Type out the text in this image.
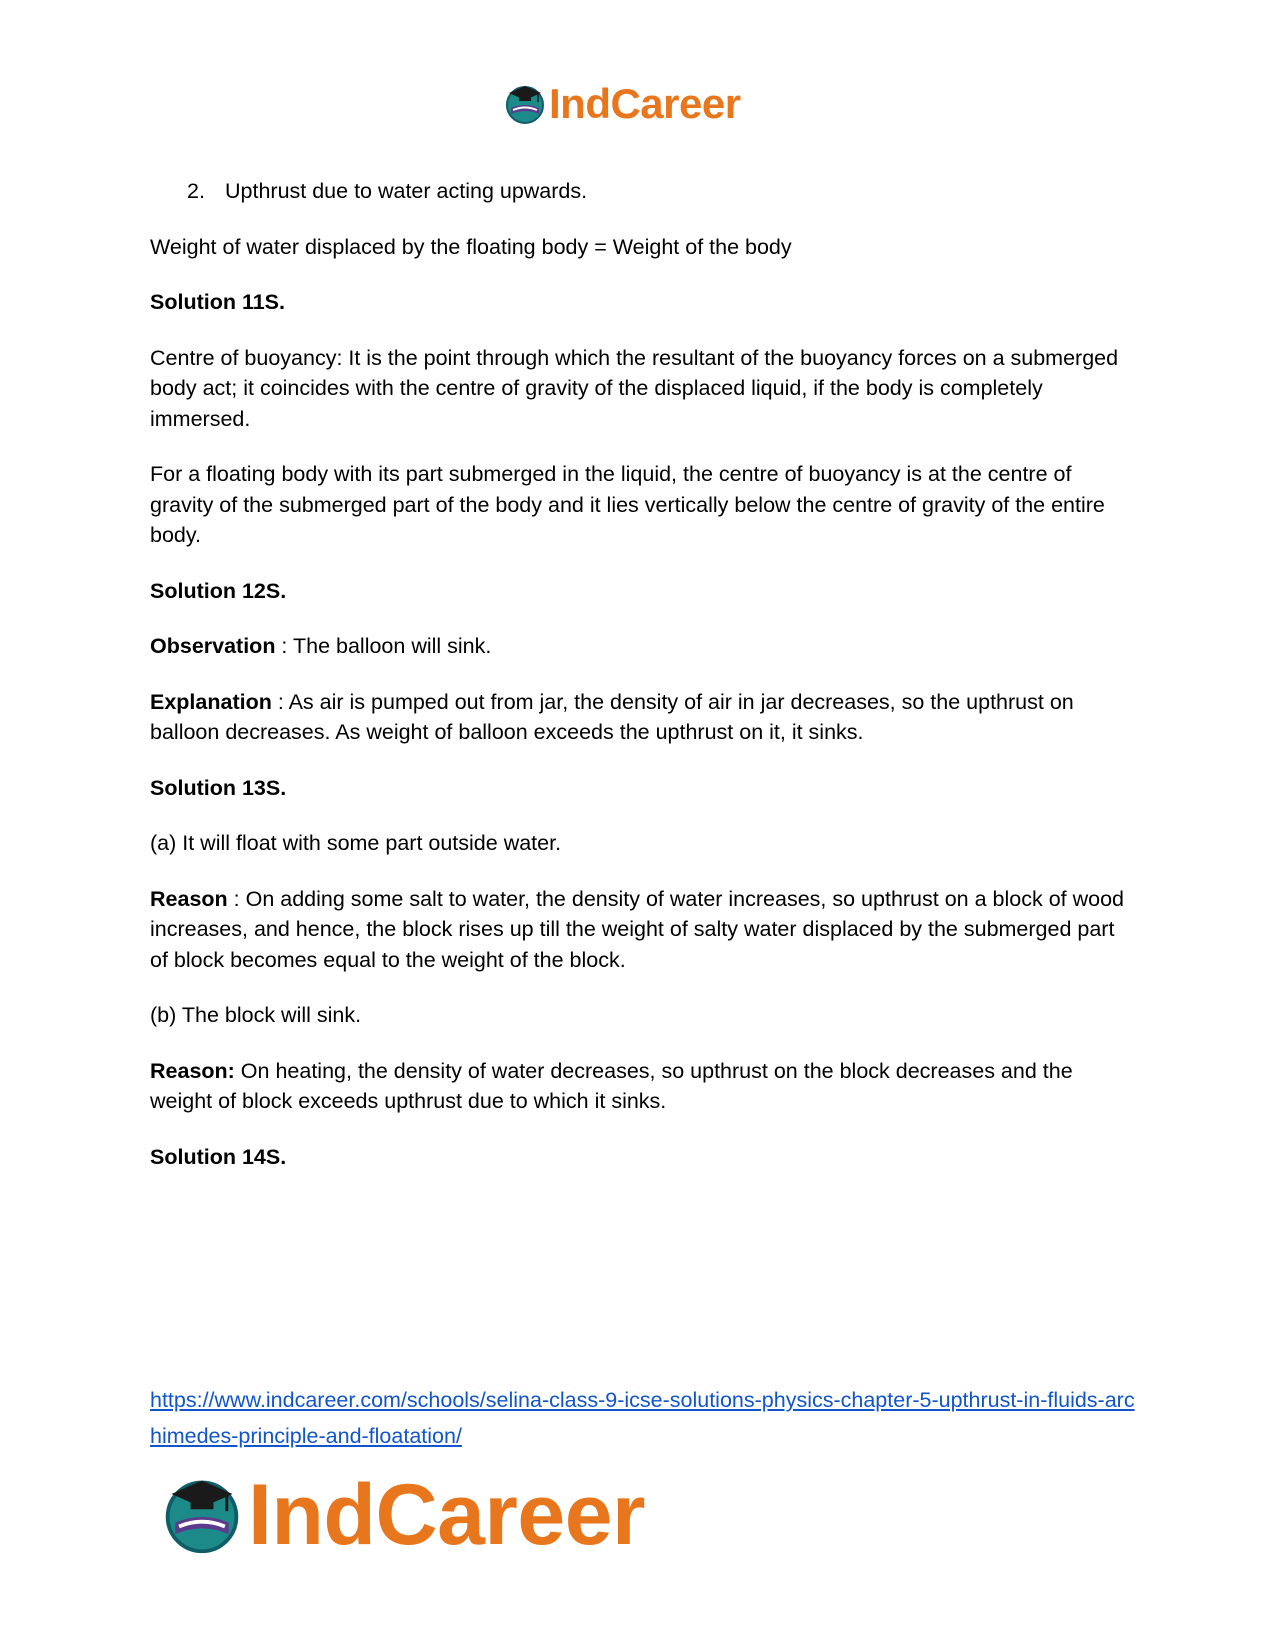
IndCareer

2. Upthrust due to water acting upwards.

Weight of water displaced by the floating body = Weight of the body

Solution 11S.

Centre of buoyancy: It is the point through which the resultant of the buoyancy forces on a submerged body act; it coincides with the centre of gravity of the displaced liquid, if the body is completely immersed.

For a floating body with its part submerged in the liquid, the centre of buoyancy is at the centre of gravity of the submerged part of the body and it lies vertically below the centre of gravity of the entire body.

Solution 12S.

Observation : The balloon will sink.

Explanation : As air is pumped out from jar, the density of air in jar decreases, so the upthrust on balloon decreases. As weight of balloon exceeds the upthrust on it, it sinks.

Solution 13S.

(a) It will float with some part outside water.

Reason : On adding some salt to water, the density of water increases, so upthrust on a block of wood increases, and hence, the block rises up till the weight of salty water displaced by the submerged part of block becomes equal to the weight of the block.

(b) The block will sink.

Reason: On heating, the density of water decreases, so upthrust on the block decreases and the weight of block exceeds upthrust due to which it sinks.

Solution 14S.

https://www.indcareer.com/schools/selina-class-9-icse-solutions-physics-chapter-5-upthrust-in-fluids-archimedes-principle-and-floatation/
IndCareer
